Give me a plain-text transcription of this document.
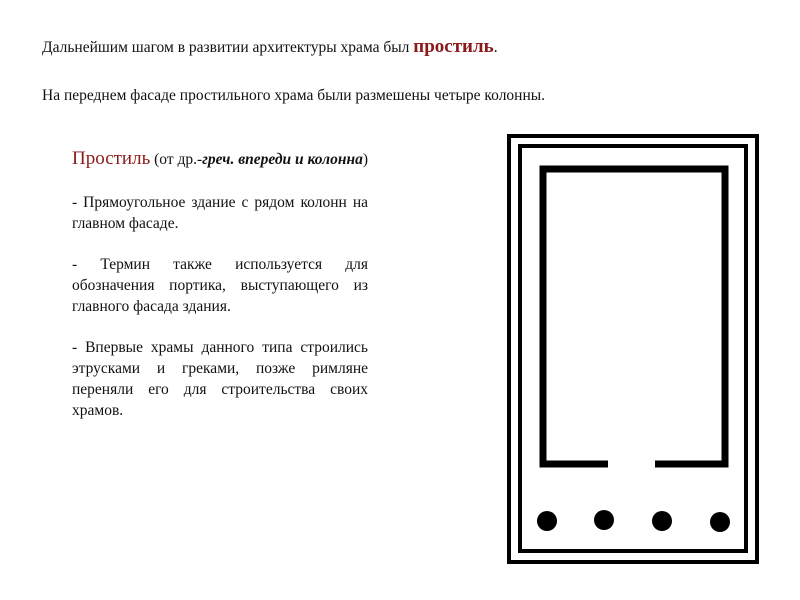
Дальнейшим шагом в развитии архитектуры храма был простиль.
На переднем фасаде простильного храма были размешены четыре колонны.

Простиль (от др.-греч. впереди и колонна)

- Прямоугольное здание с рядом колонн на главном фасаде.

- Термин также используется для обозначения портика, выступающего из главного фасада здания.

- Впервые храмы данного типа строились этрусками и греками, позже римляне переняли его для строительства своих храмов.
